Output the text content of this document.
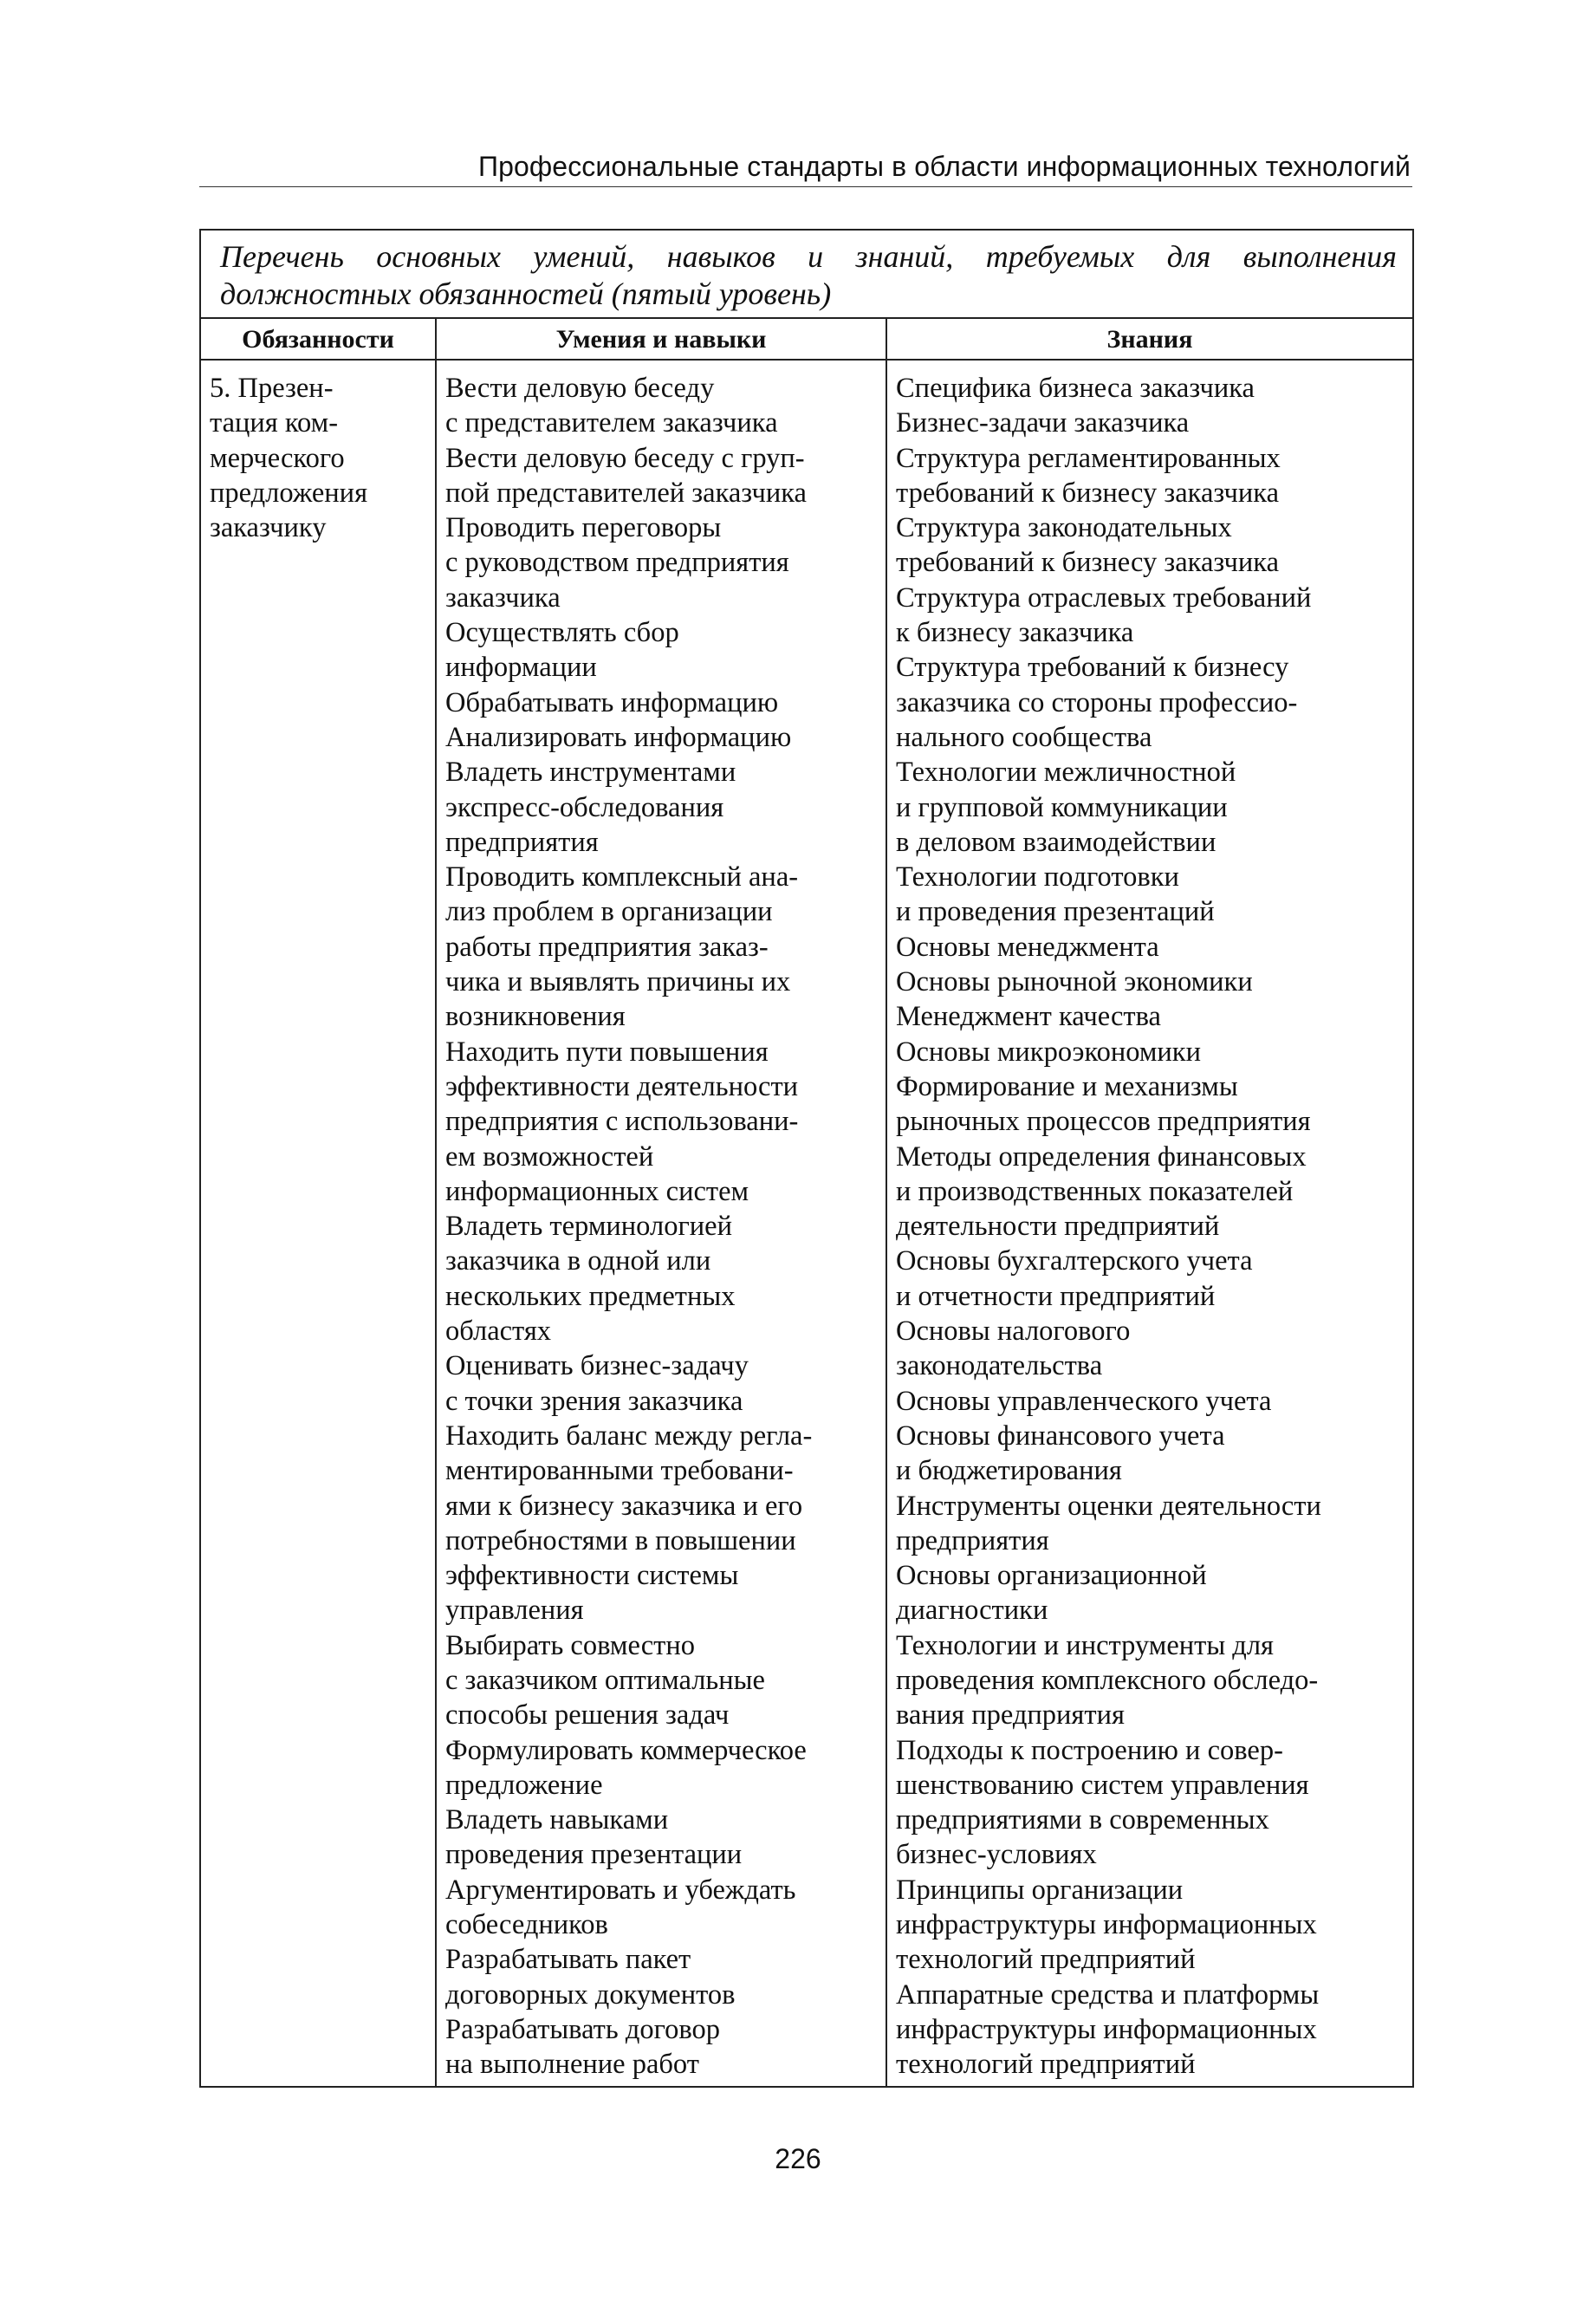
Профессиональные стандарты в области информационных технологий
Перечень основных умений, навыков и знаний, требуемых для выполнения должностных обязанностей (пятый уровень)
Обязанности	Умения и навыки	Знания
5. Презен-
тация ком-
мерческого
предложения
заказчику
Вести деловую беседу
с представителем заказчика
Вести деловую беседу с груп-
пой представителей заказчика
Проводить переговоры
с руководством предприятия
заказчика
Осуществлять сбор
информации
Обрабатывать информацию
Анализировать информацию
Владеть инструментами
экспресс-обследования
предприятия
Проводить комплексный ана-
лиз проблем в организации
работы предприятия заказ-
чика и выявлять причины их
возникновения
Находить пути повышения
эффективности деятельности
предприятия с использовани-
ем возможностей
информационных систем
Владеть терминологией
заказчика в одной или
нескольких предметных
областях
Оценивать бизнес-задачу
с точки зрения заказчика
Находить баланс между регла-
ментированными требовани-
ями к бизнесу заказчика и его
потребностями в повышении
эффективности системы
управления
Выбирать совместно
с заказчиком оптимальные
способы решения задач
Формулировать коммерческое
предложение
Владеть навыками
проведения презентации
Аргументировать и убеждать
собеседников
Разрабатывать пакет
договорных документов
Разрабатывать договор
на выполнение работ
Специфика бизнеса заказчика
Бизнес-задачи заказчика
Структура регламентированных
требований к бизнесу заказчика
Структура законодательных
требований к бизнесу заказчика
Структура отраслевых требований
к бизнесу заказчика
Структура требований к бизнесу
заказчика со стороны профессио-
нального сообщества
Технологии межличностной
и групповой коммуникации
в деловом взаимодействии
Технологии подготовки
и проведения презентаций
Основы менеджмента
Основы рыночной экономики
Менеджмент качества
Основы микроэкономики
Формирование и механизмы
рыночных процессов предприятия
Методы определения финансовых
и производственных показателей
деятельности предприятий
Основы бухгалтерского учета
и отчетности предприятий
Основы налогового
законодательства
Основы управленческого учета
Основы финансового учета
и бюджетирования
Инструменты оценки деятельности
предприятия
Основы организационной
диагностики
Технологии и инструменты для
проведения комплексного обследо-
вания предприятия
Подходы к построению и совер-
шенствованию систем управления
предприятиями в современных
бизнес-условиях
Принципы организации
инфраструктуры информационных
технологий предприятий
Аппаратные средства и платформы
инфраструктуры информационных
технологий предприятий
226
